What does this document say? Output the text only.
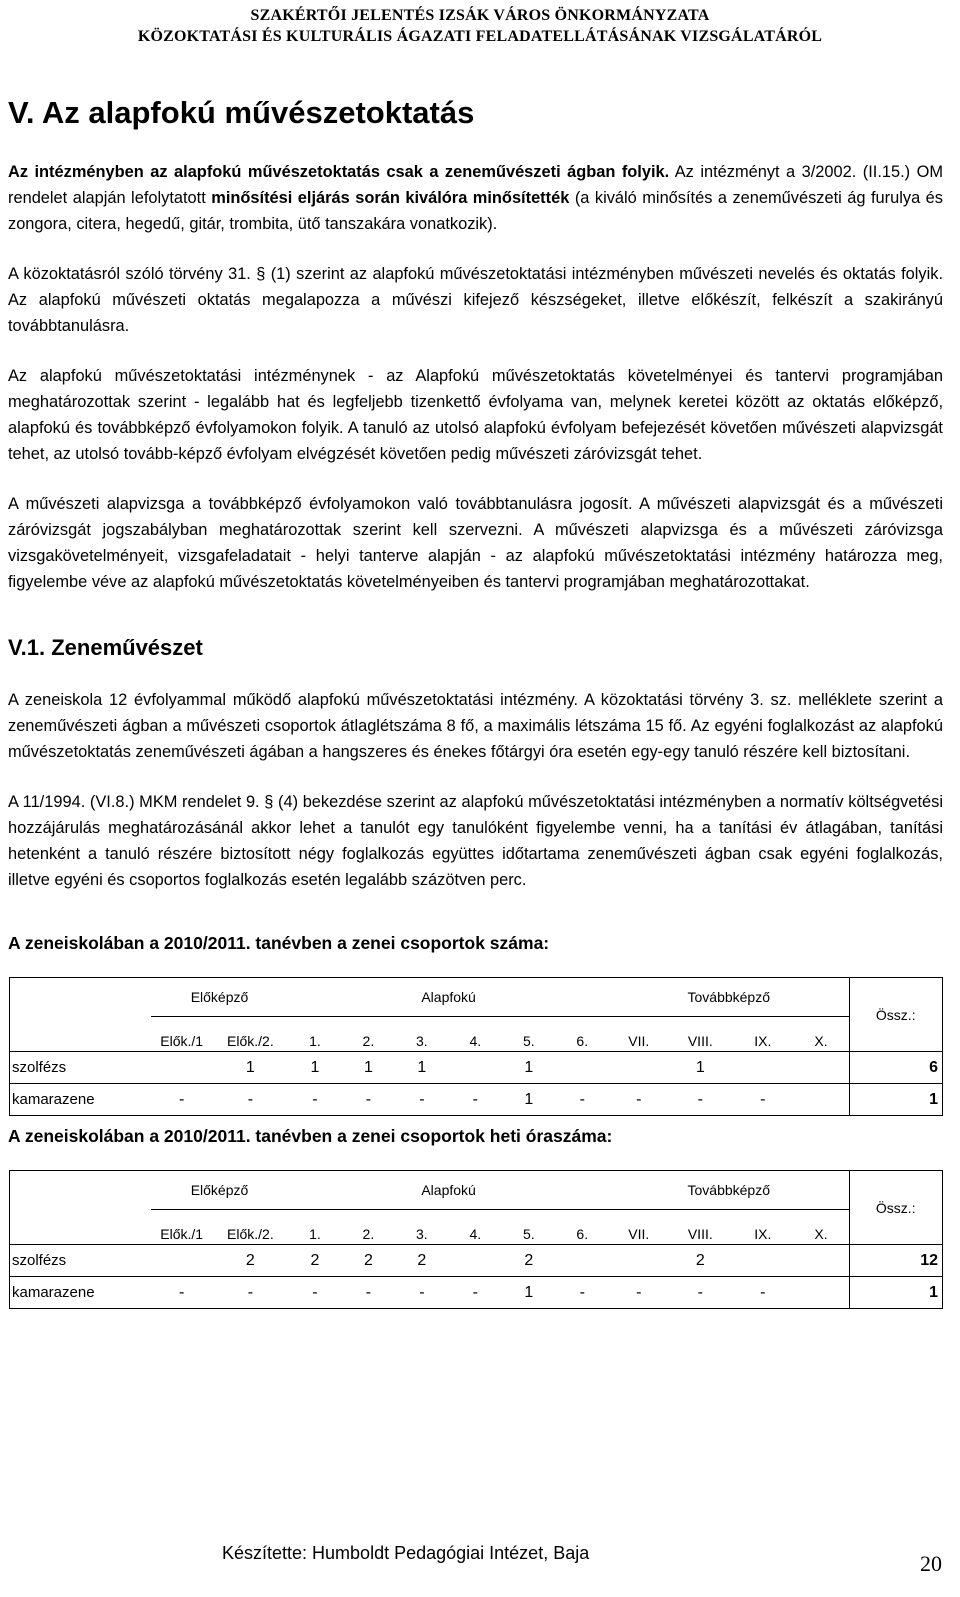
SZAKÉRTŐI JELENTÉS IZSÁK VÁROS ÖNKORMÁNYZATA
KÖZOKTATÁSI ÉS KULTURÁLIS ÁGAZATI FELADATELLÁTÁSÁNAK VIZSGÁLATÁRÓL
V. Az alapfokú művészetoktatás

Az intézményben az alapfokú művészetoktatás csak a zeneművészeti ágban folyik. Az intézményt a 3/2002. (II.15.) OM rendelet alapján lefolytatott minősítési eljárás során kiválóra minősítették (a kiváló minősítés a zeneművészeti ág furulya és zongora, citera, hegedű, gitár, trombita, ütő tanszakára vonatkozik).

A közoktatásról szóló törvény 31. § (1) szerint az alapfokú művészetoktatási intézményben művészeti nevelés és oktatás folyik. Az alapfokú művészeti oktatás megalapozza a művészi kifejező készségeket, illetve előkészít, felkészít a szakirányú továbbtanulásra.

Az alapfokú művészetoktatási intézménynek - az Alapfokú művészetoktatás követelményei és tantervi programjában meghatározottak szerint - legalább hat és legfeljebb tizenkettő évfolyama van, melynek keretei között az oktatás előképző, alapfokú és továbbképző évfolyamokon folyik. A tanuló az utolsó alapfokú évfolyam befejezését követően művészeti alapvizsgát tehet, az utolsó tovább-képző évfolyam elvégzését követően pedig művészeti záróvizsgát tehet.

A művészeti alapvizsga a továbbképző évfolyamokon való továbbtanulásra jogosít. A művészeti alapvizsgát és a művészeti záróvizsgát jogszabályban meghatározottak szerint kell szervezni. A művészeti alapvizsga és a művészeti záróvizsga vizsgakövetelményeit, vizsgafeladatait - helyi tanterve alapján - az alapfokú művészetoktatási intézmény határozza meg, figyelembe véve az alapfokú művészetoktatás követelményeiben és tantervi programjában meghatározottakat.

V.1. Zeneművészet

A zeneiskola 12 évfolyammal működő alapfokú művészetoktatási intézmény. A közoktatási törvény 3. sz. melléklete szerint a zeneművészeti ágban a művészeti csoportok átlaglétszáma 8 fő, a maximális létszáma 15 fő. Az egyéni foglalkozást az alapfokú művészetoktatás zeneművészeti ágában a hangszeres és énekes főtárgyi óra esetén egy-egy tanuló részére kell biztosítani.

A 11/1994. (VI.8.) MKM rendelet 9. § (4) bekezdése szerint az alapfokú művészetoktatási intézményben a normatív költségvetési hozzájárulás meghatározásánál akkor lehet a tanulót egy tanulóként figyelembe venni, ha a tanítási év átlagában, tanítási hetenként a tanuló részére biztosított négy foglalkozás együttes időtartama zeneművészeti ágban csak egyéni foglalkozás, illetve egyéni és csoportos foglalkozás esetén legalább százötven perc.

A zeneiskolában a 2010/2011. tanévben a zenei csoportok száma:
	Előképző		Alapfokú						Továbbképző				Össz.:
	Elők./1	Elők./2.	1.	2.	3.	4.	5.	6.	VII.	VIII.	IX.	X.	
szolfézs		1	1	1	1		1			1			6
kamarazene	-	-	-	-	-	-	1	-	-	-	-		1
A zeneiskolában a 2010/2011. tanévben a zenei csoportok heti óraszáma:
	Előképző		Alapfokú						Továbbképző				Össz.:
	Elők./1	Elők./2.	1.	2.	3.	4.	5.	6.	VII.	VIII.	IX.	X.	
szolfézs		2	2	2	2		2			2			12
kamarazene	-	-	-	-	-	-	1	-	-	-	-		1
Készítette: Humboldt Pedagógiai Intézet, Baja	20
